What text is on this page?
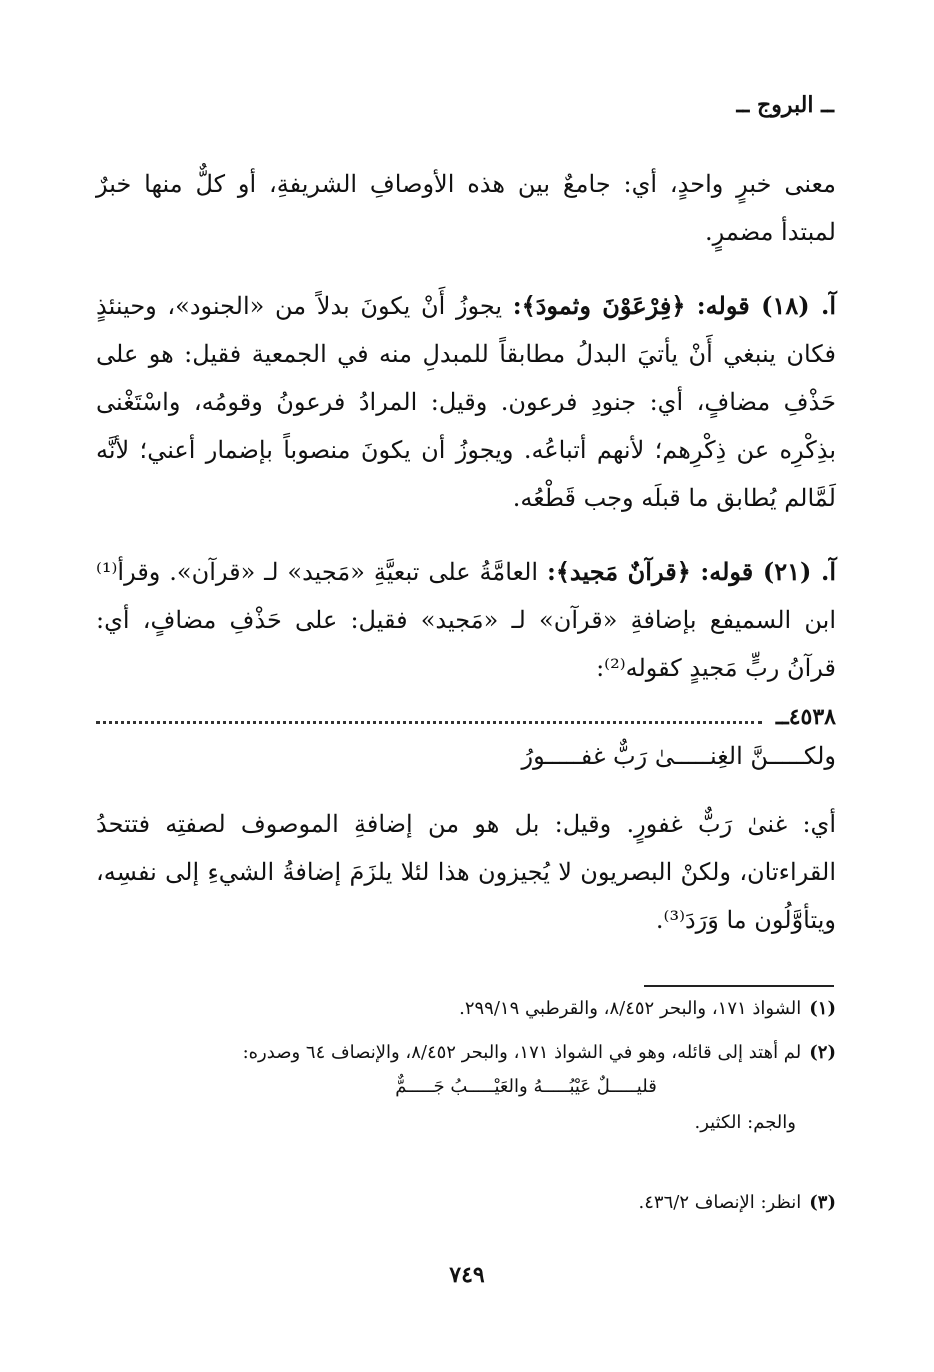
ــ البروج ــ

معنى خبرٍ واحدٍ، أي: جامعٌ بين هذه الأوصافِ الشريفةِ، أو كلٌّ منها خبرٌ لمبتدأ مضمرٍ.

آ. (١٨) قوله: ﴿فِرْعَوْنَ وثمودَ﴾: يجوزُ أَنْ يكونَ بدلاً من «الجنود»، وحينئذٍ فكان ينبغي أَنْ يأتيَ البدلُ مطابقاً للمبدلِ منه في الجمعية فقيل: هو على حَذْفِ مضافٍ، أي: جنودِ فرعون. وقيل: المرادُ فرعونُ وقومُه، واسْتَغْنى بذِكْرِه عن ذِكْرِهم؛ لأنهم أتباعُه. ويجوزُ أن يكونَ منصوباً بإضمار أعني؛ لأنَّه لَمَّالم يُطابق ما قبلَه وجب قَطْعُه.

آ. (٢١) قوله: ﴿قرآنٌ مَجيد﴾: العامَّةُ على تبعيَّةِ «مَجيد» لـ «قرآن». وقرأ⁽¹⁾ ابن السميفع بإضافةِ «قرآن» لـ «مَجيد» فقيل: على حَذْفِ مضافٍ، أي: قرآنُ ربٍّ مَجيدٍ كقوله⁽²⁾:

٤٥٣٨ــ
ولكـــــنَّ الغِنـــــىٰ رَبٌّ غفـــــورُ

أي: غنىٰ رَبٌّ غفورٍ. وقيل: بل هو من إضافةِ الموصوف لصفتِه فتتحدُ القراءتان، ولكنْ البصريون لا يُجيزون هذا لئلا يلزَمَ إضافةُ الشيءِ إلى نفسِه، ويتأوَّلُون ما وَرَدَ⁽³⁾.

(١)الشواذ ١٧١، والبحر ٨/٤٥٢، والقرطبي ٢٩٩/١٩.

(٢)لم أهتد إلى قائله، وهو في الشواذ ١٧١، والبحر ٨/٤٥٢، والإنصاف ٦٤ وصدره:

قليـــــلٌ عَيْبُـــــهُ والعَيْـــــبُ جَـــــمٌّ

والجم: الكثير.

(٣)انظر: الإنصاف ٤٣٦/٢.

٧٤٩
